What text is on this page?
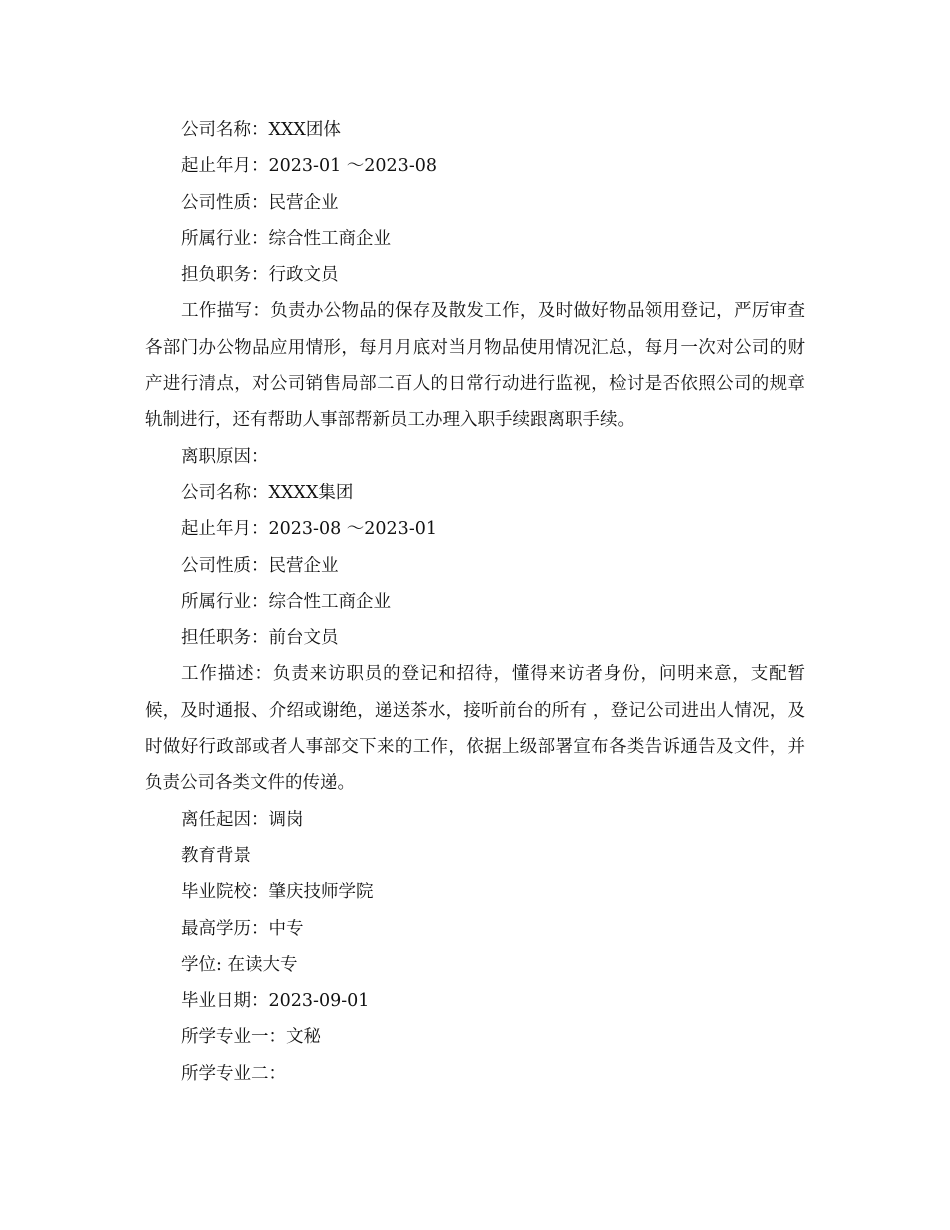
公司名称：XXX团体

起止年月：2023-01 ～2023-08

公司性质：民营企业

所属行业：综合性工商企业

担负职务：行政文员

工作描写：负责办公物品的保存及散发工作，及时做好物品领用登记，严厉审查各部门办公物品应用情形，每月月底对当月物品使用情况汇总，每月一次对公司的财产进行清点，对公司销售局部二百人的日常行动进行监视，检讨是否依照公司的规章轨制进行，还有帮助人事部帮新员工办理入职手续跟离职手续。

离职原因：

公司名称：XXXX集团

起止年月：2023-08 ～2023-01

公司性质：民营企业

所属行业：综合性工商企业

担任职务：前台文员

工作描述：负责来访职员的登记和招待，懂得来访者身份，问明来意，支配暂候，及时通报、介绍或谢绝，递送茶水，接听前台的所有 ，登记公司进出人情况，及时做好行政部或者人事部交下来的工作，依据上级部署宣布各类告诉通告及文件，并负责公司各类文件的传递。

离任起因：调岗

教育背景

毕业院校：肇庆技师学院

最高学历：中专

学位: 在读大专

毕业日期：2023-09-01

所学专业一：文秘

所学专业二：
